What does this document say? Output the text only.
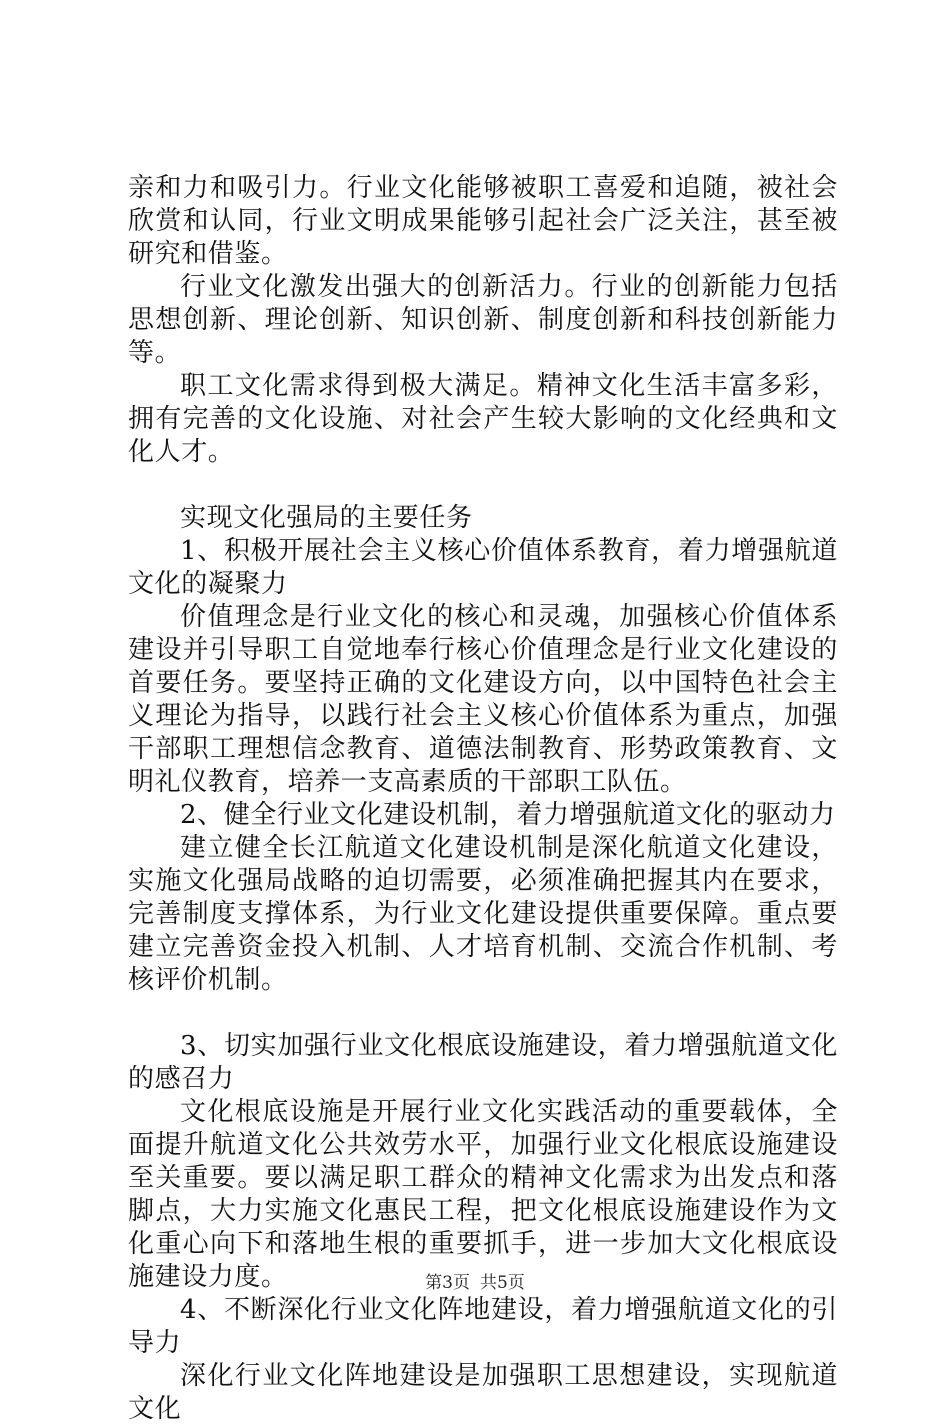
亲和力和吸引力。行业文化能够被职工喜爱和追随，被社会欣赏和认同，行业文明成果能够引起社会广泛关注，甚至被研究和借鉴。

行业文化激发出强大的创新活力。行业的创新能力包括思想创新、理论创新、知识创新、制度创新和科技创新能力等。

职工文化需求得到极大满足。精神文化生活丰富多彩，拥有完善的文化设施、对社会产生较大影响的文化经典和文化人才。

实现文化强局的主要任务

1、积极开展社会主义核心价值体系教育，着力增强航道文化的凝聚力

价值理念是行业文化的核心和灵魂，加强核心价值体系建设并引导职工自觉地奉行核心价值理念是行业文化建设的首要任务。要坚持正确的文化建设方向，以中国特色社会主义理论为指导，以践行社会主义核心价值体系为重点，加强干部职工理想信念教育、道德法制教育、形势政策教育、文明礼仪教育，培养一支高素质的干部职工队伍。

2、健全行业文化建设机制，着力增强航道文化的驱动力

建立健全长江航道文化建设机制是深化航道文化建设，实施文化强局战略的迫切需要，必须准确把握其内在要求，完善制度支撑体系，为行业文化建设提供重要保障。重点要建立完善资金投入机制、人才培育机制、交流合作机制、考核评价机制。

3、切实加强行业文化根底设施建设，着力增强航道文化的感召力

文化根底设施是开展行业文化实践活动的重要载体，全面提升航道文化公共效劳水平，加强行业文化根底设施建设至关重要。要以满足职工群众的精神文化需求为出发点和落脚点，大力实施文化惠民工程，把文化根底设施建设作为文化重心向下和落地生根的重要抓手，进一步加大文化根底设施建设力度。

4、不断深化行业文化阵地建设，着力增强航道文化的引导力

深化行业文化阵地建设是加强职工思想建设，实现航道文化

第3页 共5页
